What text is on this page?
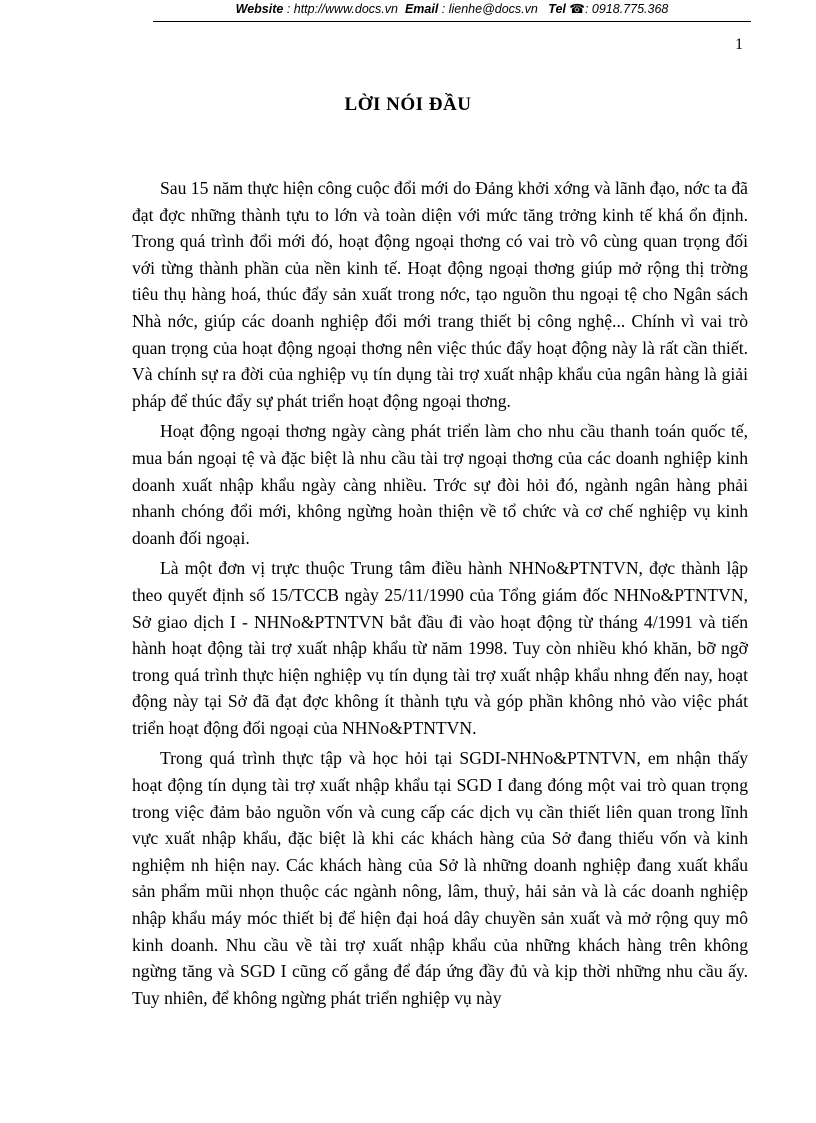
Website : http://www.docs.vn Email : lienhe@docs.vn Tel ☎: 0918.775.368
1
LỜI NÓI ĐẦU

Sau 15 năm thực hiện công cuộc đổi mới do Đảng khởi xớng và lãnh đạo, nớc ta đã đạt đợc những thành tựu to lớn và toàn diện với mức tăng trởng kinh tế khá ổn định. Trong quá trình đổi mới đó, hoạt động ngoại thơng có vai trò vô cùng quan trọng đối với từng thành phần của nền kinh tế. Hoạt động ngoại thơng giúp mở rộng thị trờng tiêu thụ hàng hoá, thúc đẩy sản xuất trong nớc, tạo nguồn thu ngoại tệ cho Ngân sách Nhà nớc, giúp các doanh nghiệp đổi mới trang thiết bị công nghệ... Chính vì vai trò quan trọng của hoạt động ngoại thơng nên việc thúc đẩy hoạt động này là rất cần thiết. Và chính sự ra đời của nghiệp vụ tín dụng tài trợ xuất nhập khẩu của ngân hàng là giải pháp để thúc đẩy sự phát triển hoạt động ngoại thơng.

Hoạt động ngoại thơng ngày càng phát triển làm cho nhu cầu thanh toán quốc tế, mua bán ngoại tệ và đặc biệt là nhu cầu tài trợ ngoại thơng của các doanh nghiệp kinh doanh xuất nhập khẩu ngày càng nhiều. Trớc sự đòi hỏi đó, ngành ngân hàng phải nhanh chóng đổi mới, không ngừng hoàn thiện về tổ chức và cơ chế nghiệp vụ kinh doanh đối ngoại.

Là một đơn vị trực thuộc Trung tâm điều hành NHNo&PTNTVN, đợc thành lập theo quyết định số 15/TCCB ngày 25/11/1990 của Tổng giám đốc NHNo&PTNTVN, Sở giao dịch I - NHNo&PTNTVN bắt đầu đi vào hoạt động từ tháng 4/1991 và tiến hành hoạt động tài trợ xuất nhập khẩu từ năm 1998. Tuy còn nhiều khó khăn, bỡ ngỡ trong quá trình thực hiện nghiệp vụ tín dụng tài trợ xuất nhập khẩu nhng đến nay, hoạt động này tại Sở đã đạt đợc không ít thành tựu và góp phần không nhỏ vào việc phát triển hoạt động đối ngoại của NHNo&PTNTVN.

Trong quá trình thực tập và học hỏi tại SGDI-NHNo&PTNTVN, em nhận thấy hoạt động tín dụng tài trợ xuất nhập khẩu tại SGD I đang đóng một vai trò quan trọng trong việc đảm bảo nguồn vốn và cung cấp các dịch vụ cần thiết liên quan trong lĩnh vực xuất nhập khẩu, đặc biệt là khi các khách hàng của Sở đang thiếu vốn và kinh nghiệm nh hiện nay. Các khách hàng của Sở là những doanh nghiệp đang xuất khẩu sản phẩm mũi nhọn thuộc các ngành nông, lâm, thuỷ, hải sản và là các doanh nghiệp nhập khẩu máy móc thiết bị để hiện đại hoá dây chuyền sản xuất và mở rộng quy mô kinh doanh. Nhu cầu về tài trợ xuất nhập khẩu của những khách hàng trên không ngừng tăng và SGD I cũng cố gắng để đáp ứng đầy đủ và kịp thời những nhu cầu ấy. Tuy nhiên, để không ngừng phát triển nghiệp vụ này
